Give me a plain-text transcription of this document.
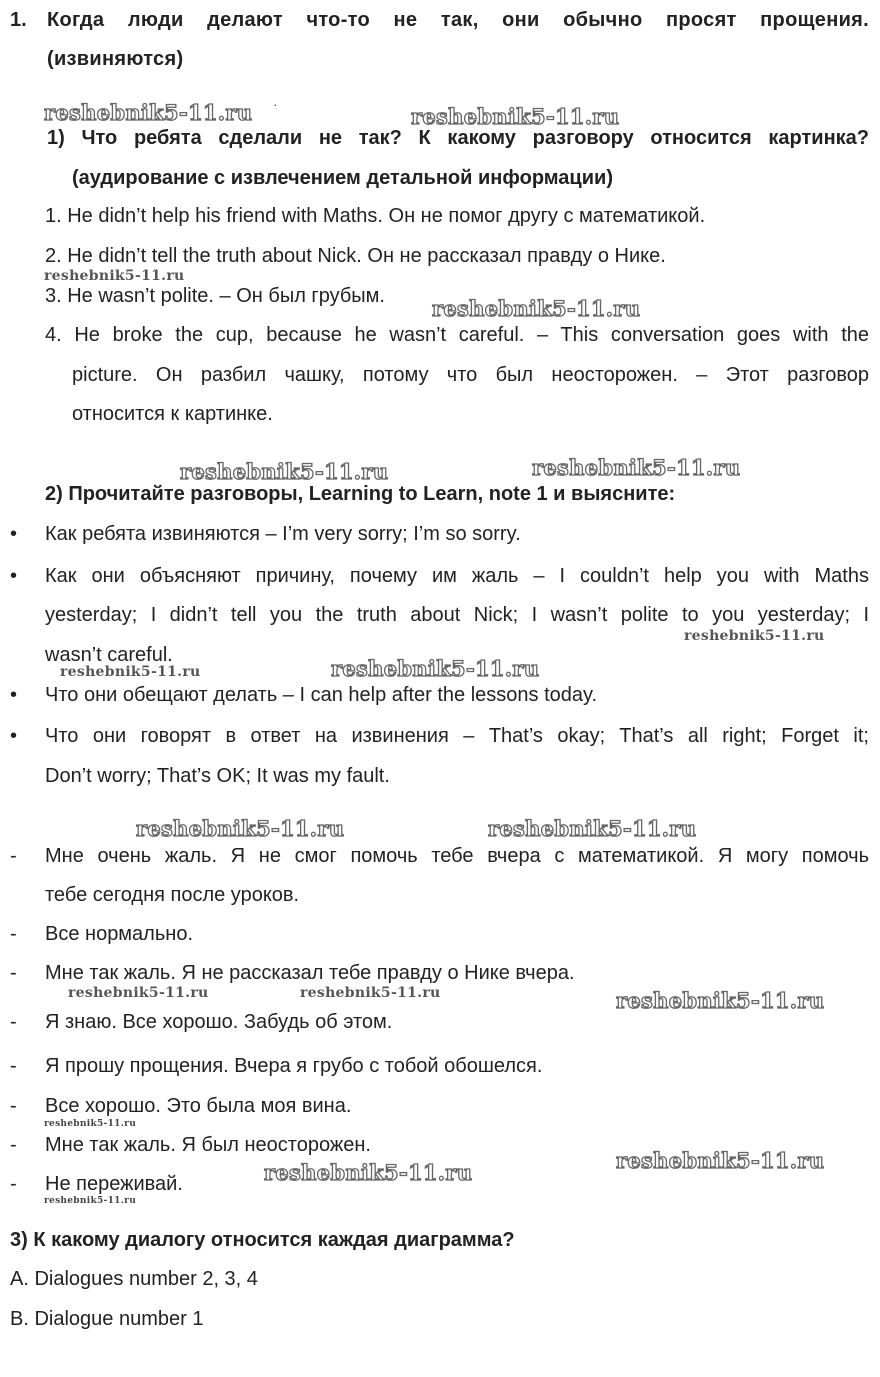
1. Когда люди делают что-то не так, они обычно просят прощения.
(извиняются)
1) Что ребята сделали не так? К какому разговору относится картинка?
(аудирование с извлечением детальной информации)
1. He didn’t help his friend with Maths. Он не помог другу с математикой.
2. He didn’t tell the truth about Nick. Он не рассказал правду о Нике.
3. He wasn’t polite. – Он был грубым.
4. He broke the cup, because he wasn’t careful. – This conversation goes with the
picture. Он разбил чашку, потому что был неосторожен. – Этот разговор
относится к картинке.
2) Прочитайте разговоры, Learning to Learn, note 1 и выясните:
• Как ребята извиняются – I’m very sorry; I’m so sorry.
• Как они объясняют причину, почему им жаль – I couldn’t help you with Maths
yesterday; I didn’t tell you the truth about Nick; I wasn’t polite to you yesterday; I
wasn’t careful.
• Что они обещают делать – I can help after the lessons today.
• Что они говорят в ответ на извинения – That’s okay; That’s all right; Forget it;
Don’t worry; That’s OK; It was my fault.
- Мне очень жаль. Я не смог помочь тебе вчера с математикой. Я могу помочь
тебе сегодня после уроков.
- Все нормально.
- Мне так жаль. Я не рассказал тебе правду о Нике вчера.
- Я знаю. Все хорошо. Забудь об этом.
- Я прошу прощения. Вчера я грубо с тобой обошелся.
- Все хорошо. Это была моя вина.
- Мне так жаль. Я был неосторожен.
- Не переживай.
3) К какому диалогу относится каждая диаграмма?
A. Dialogues number 2, 3, 4
B. Dialogue number 1
reshebnik5-11.ru ·	reshebnik5-11.ru
reshebnik5-11.ru
reshebnik5-11.ru
reshebnik5-11.ru	reshebnik5-11.ru
reshebnik5-11.ru
reshebnik5-11.ru	reshebnik5-11.ru
reshebnik5-11.ru	reshebnik5-11.ru
reshebnik5-11.ru	reshebnik5-11.ru	reshebnik5-11.ru
reshebnik5-11.ru
reshebnik5-11.ru	reshebnik5-11.ru
reshebnik5-11.ru
